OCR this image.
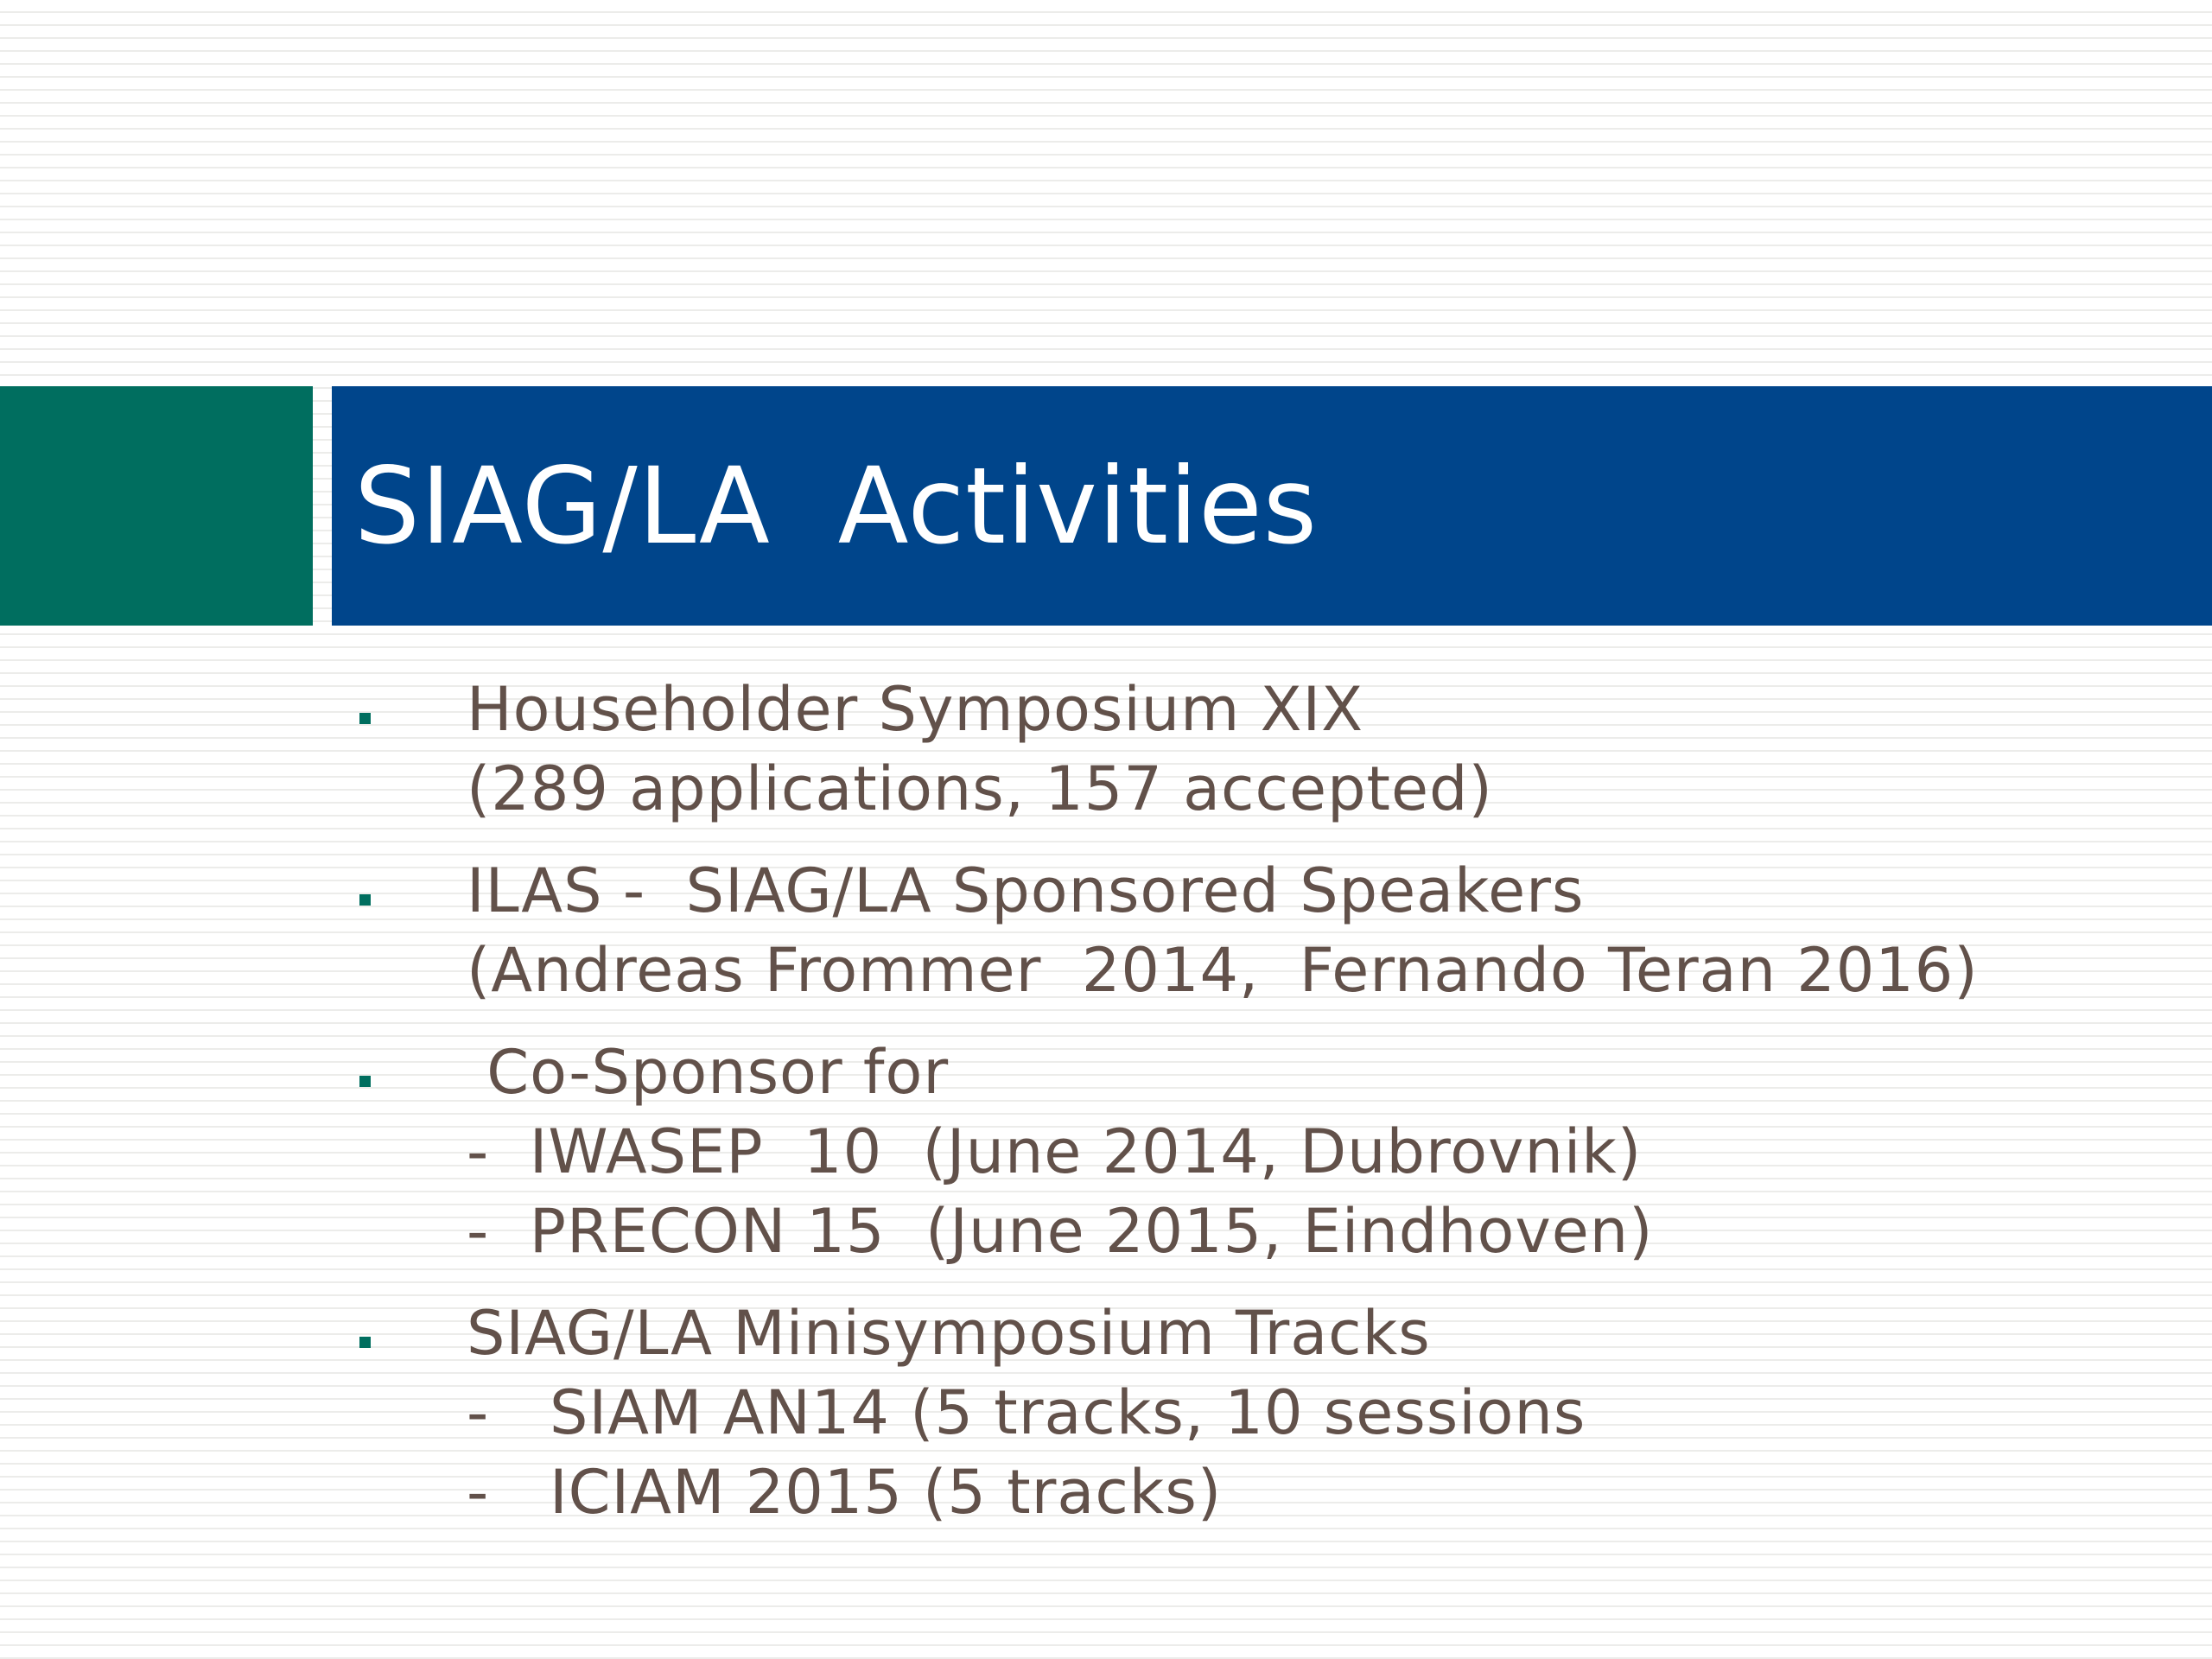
SIAG/LA  Activities
Householder Symposium XIX
(289 applications, 157 accepted)
ILAS -  SIAG/LA Sponsored Speakers
(Andreas Frommer  2014,  Fernando Teran 2016)
Co-Sponsor for
-  IWASEP  10  (June 2014, Dubrovnik)
-  PRECON 15  (June 2015, Eindhoven)
SIAG/LA Minisymposium Tracks
-   SIAM AN14 (5 tracks, 10 sessions
-   ICIAM 2015 (5 tracks)
